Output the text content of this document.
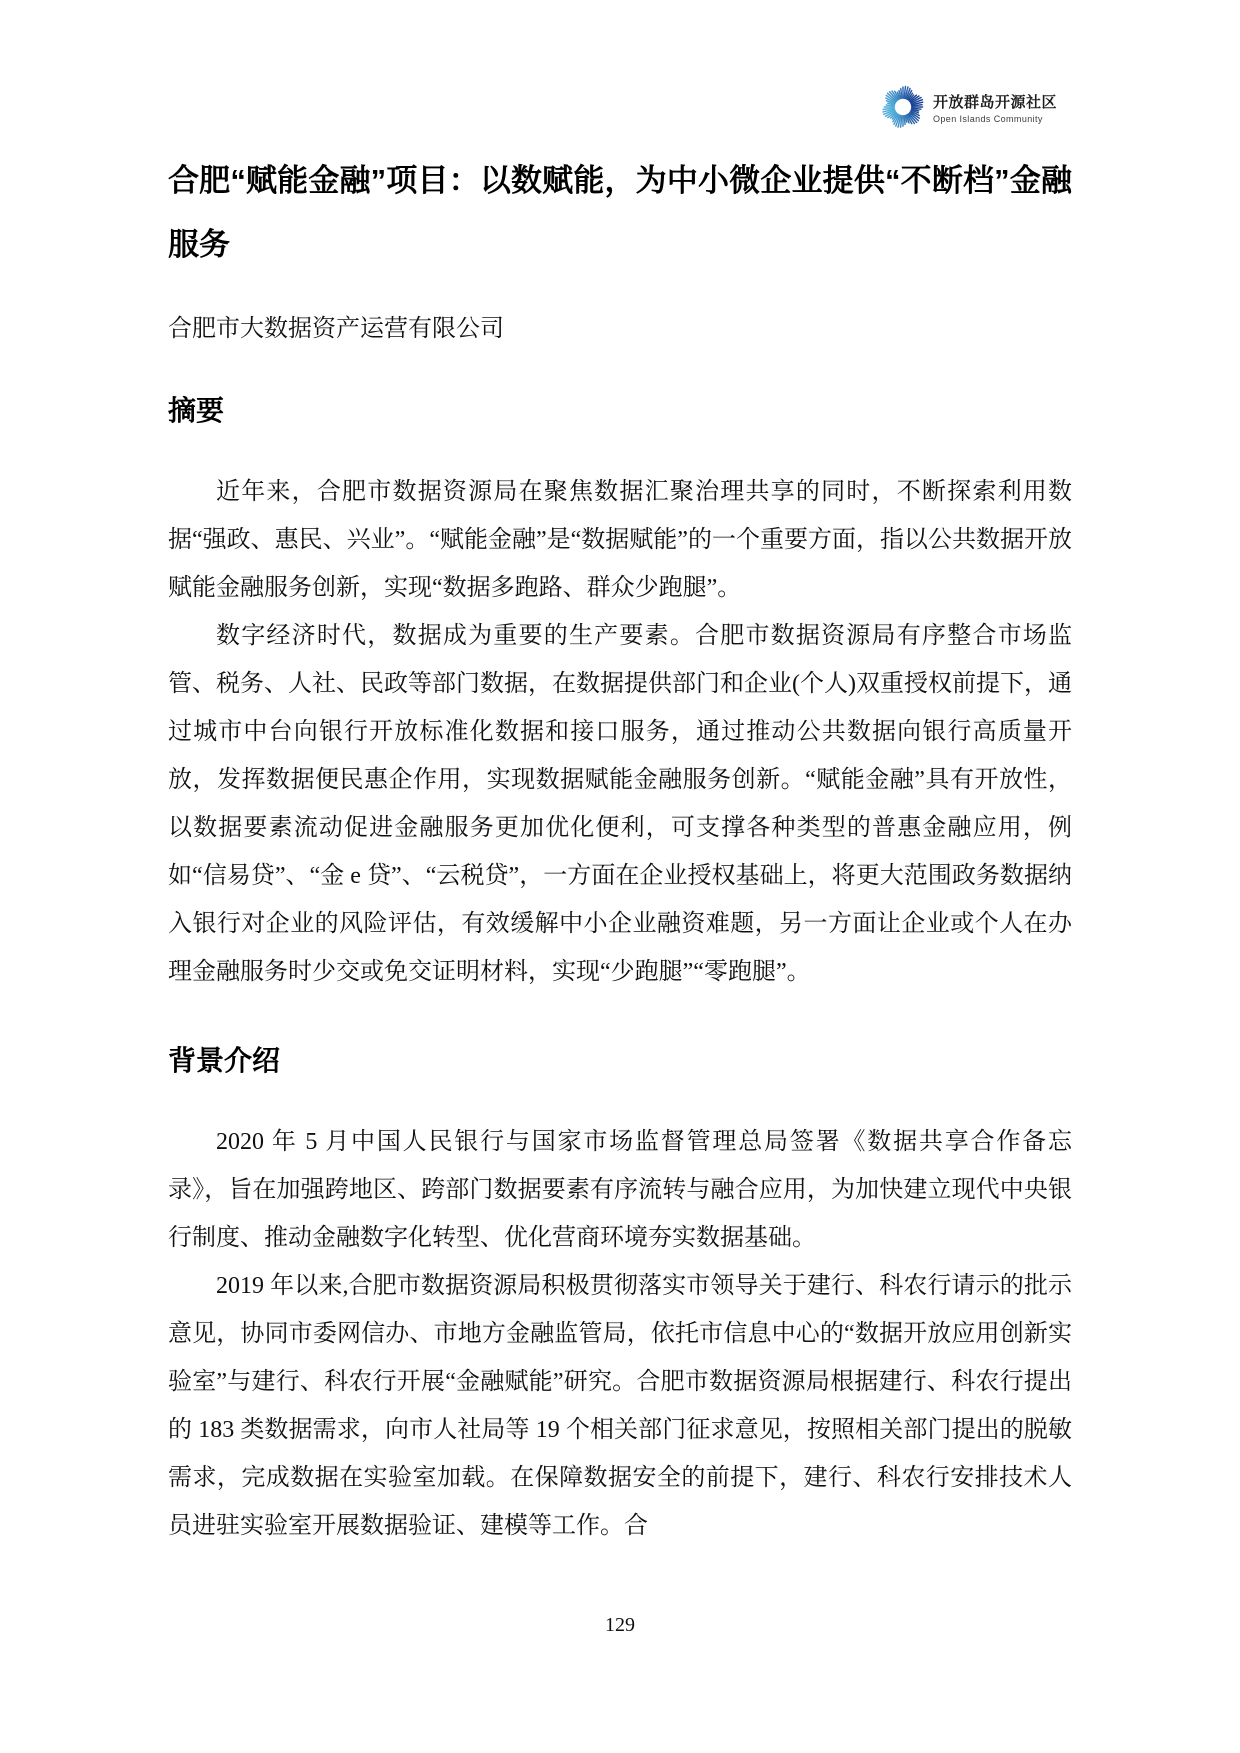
开放群岛开源社区
Open Islands Community
合肥“赋能金融”项目：以数赋能，为中小微企业提供“不断档”金融服务

合肥市大数据资产运营有限公司

摘要

近年来，合肥市数据资源局在聚焦数据汇聚治理共享的同时，不断探索利用数据“强政、惠民、兴业”。“赋能金融”是“数据赋能”的一个重要方面，指以公共数据开放赋能金融服务创新，实现“数据多跑路、群众少跑腿”。

数字经济时代，数据成为重要的生产要素。合肥市数据资源局有序整合市场监管、税务、人社、民政等部门数据，在数据提供部门和企业(个人)双重授权前提下，通过城市中台向银行开放标准化数据和接口服务，通过推动公共数据向银行高质量开放，发挥数据便民惠企作用，实现数据赋能金融服务创新。“赋能金融”具有开放性，以数据要素流动促进金融服务更加优化便利，可支撑各种类型的普惠金融应用，例如“信易贷”、“金 e 贷”、“云税贷”，一方面在企业授权基础上，将更大范围政务数据纳入银行对企业的风险评估，有效缓解中小企业融资难题，另一方面让企业或个人在办理金融服务时少交或免交证明材料，实现“少跑腿”“零跑腿”。

背景介绍

2020 年 5 月中国人民银行与国家市场监督管理总局签署《数据共享合作备忘录》，旨在加强跨地区、跨部门数据要素有序流转与融合应用，为加快建立现代中央银行制度、推动金融数字化转型、优化营商环境夯实数据基础。

2019 年以来,合肥市数据资源局积极贯彻落实市领导关于建行、科农行请示的批示意见，协同市委网信办、市地方金融监管局，依托市信息中心的“数据开放应用创新实验室”与建行、科农行开展“金融赋能”研究。合肥市数据资源局根据建行、科农行提出的 183 类数据需求，向市人社局等 19 个相关部门征求意见，按照相关部门提出的脱敏需求，完成数据在实验室加载。在保障数据安全的前提下，建行、科农行安排技术人员进驻实验室开展数据验证、建模等工作。合

129
